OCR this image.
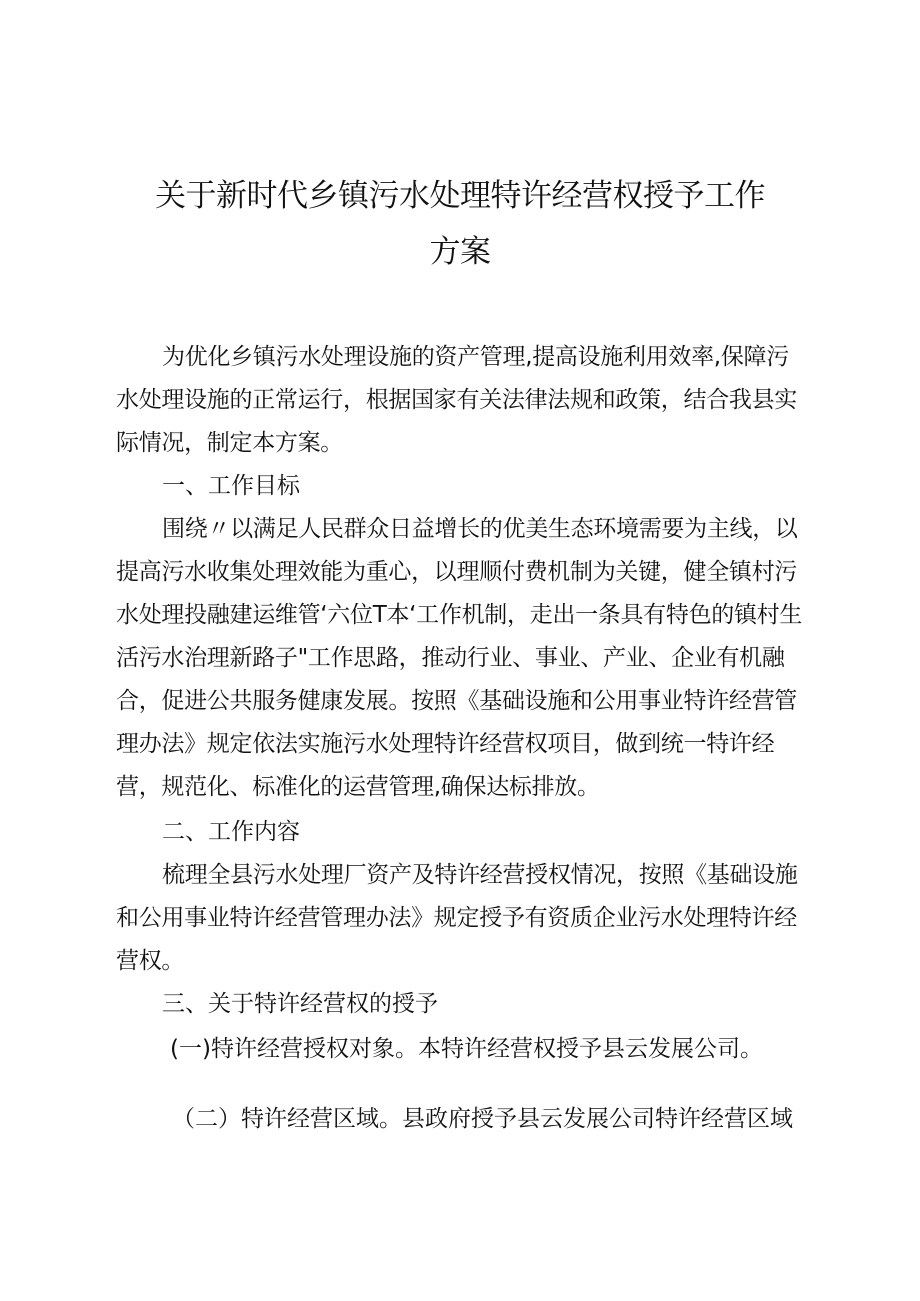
关于新时代乡镇污水处理特许经营权授予工作
方案

为优化乡镇污水处理设施的资产管理,提高设施利用效率,保障污水处理设施的正常运行，根据国家有关法律法规和政策，结合我县实际情况，制定本方案。

一、工作目标

围绕〃以满足人民群众日益增长的优美生态环境需要为主线，以提高污水收集处理效能为重心，以理顺付费机制为关键，健全镇村污水处理投融建运维管‘六位T本‘工作机制，走出一条具有特色的镇村生活污水治理新路子"工作思路，推动行业、事业、产业、企业有机融合，促进公共服务健康发展。按照《基础设施和公用事业特许经营管理办法》规定依法实施污水处理特许经营权项目，做到统一特许经营，规范化、标准化的运营管理,确保达标排放。

二、工作内容

梳理全县污水处理厂资产及特许经营授权情况，按照《基础设施和公用事业特许经营管理办法》规定授予有资质企业污水处理特许经营权。

三、关于特许经营权的授予

(一)特许经营授权对象。本特许经营权授予县云发展公司。

（二）特许经营区域。县政府授予县云发展公司特许经营区域
